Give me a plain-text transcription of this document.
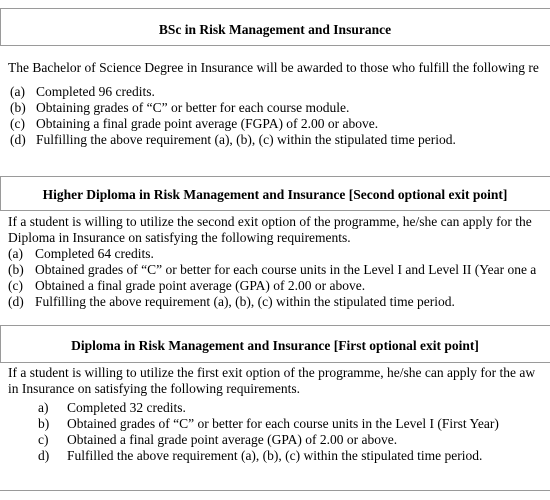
BSc in Risk Management and Insurance
The Bachelor of Science Degree in Insurance will be awarded to those who fulfill the following re
(a) Completed 96 credits.
(b) Obtaining grades of “C” or better for each course module.
(c) Obtaining a final grade point average (FGPA) of 2.00 or above.
(d) Fulfilling the above requirement (a), (b), (c) within the stipulated time period.
Higher Diploma in Risk Management and Insurance [Second optional exit point]
If a student is willing to utilize the second exit option of the programme, he/she can apply for the
Diploma in Insurance on satisfying the following requirements.
(a) Completed 64 credits.
(b) Obtained grades of “C” or better for each course units in the Level I and Level II (Year one a
(c) Obtained a final grade point average (GPA) of 2.00 or above.
(d) Fulfilling the above requirement (a), (b), (c) within the stipulated time period.
Diploma in Risk Management and Insurance [First optional exit point]
If a student is willing to utilize the first exit option of the programme, he/she can apply for the aw
in Insurance on satisfying the following requirements.
a) Completed 32 credits.
b) Obtained grades of “C” or better for each course units in the Level I (First Year)
c) Obtained a final grade point average (GPA) of 2.00 or above.
d) Fulfilled the above requirement (a), (b), (c) within the stipulated time period.
